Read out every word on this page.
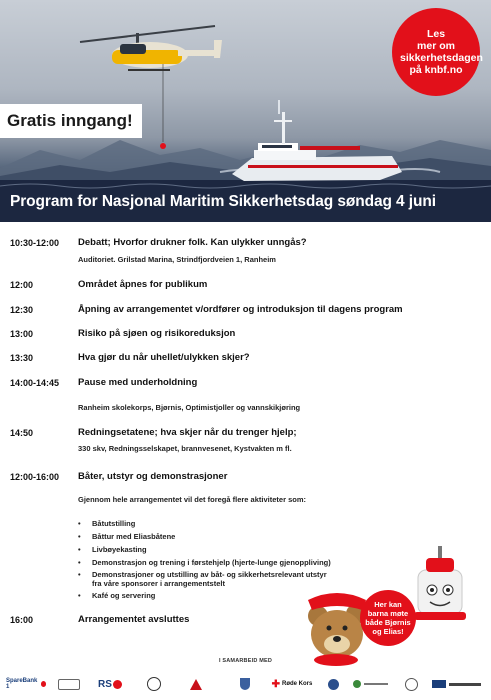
Les
mer om
sikkerhetsdagen
på knbf.no
Gratis inngang!
Program for Nasjonal Maritim Sikkerhetsdag søndag 4 juni
10:30-12:00 Debatt; Hvorfor drukner folk. Kan ulykker unngås?
Auditoriet. Grilstad Marina, Strindfjordveien 1, Ranheim
12:00	Området åpnes for publikum
12:30	Åpning av arrangementet v/ordfører og introduksjon til dagens program
13:00	Risiko på sjøen og risikoreduksjon
13:30	Hva gjør du når uhellet/ulykken skjer?
14:00-14:45 Pause med underholdning
Ranheim skolekorps, Bjørnis, Optimistjoller og vannskikjøring
14:50	Redningsetatene; hva skjer når du trenger hjelp;
330 skv, Redningsselskapet, brannvesenet, Kystvakten m fl.
12:00-16:00 Båter, utstyr og demonstrasjoner
Gjennom hele arrangementet vil det foregå flere aktiviteter som:
• Båtutstilling
• Båttur med Eliasbåtene
• Livbøyekasting
• Demonstrasjon og trening i førstehjelp (hjerte-lunge gjenoppliving)
• Demonstrasjoner og utstilling av båt- og sikkerhetsrelevant utstyr
fra våre sponsorer i arrangementstelt
• Kafé og servering
16:00	Arrangementet avsluttes
Her kan
barna møte
både Bjørnis
og Elias!
I SAMARBEID MED
SpareBank 1	RS	✚ Røde Kors
